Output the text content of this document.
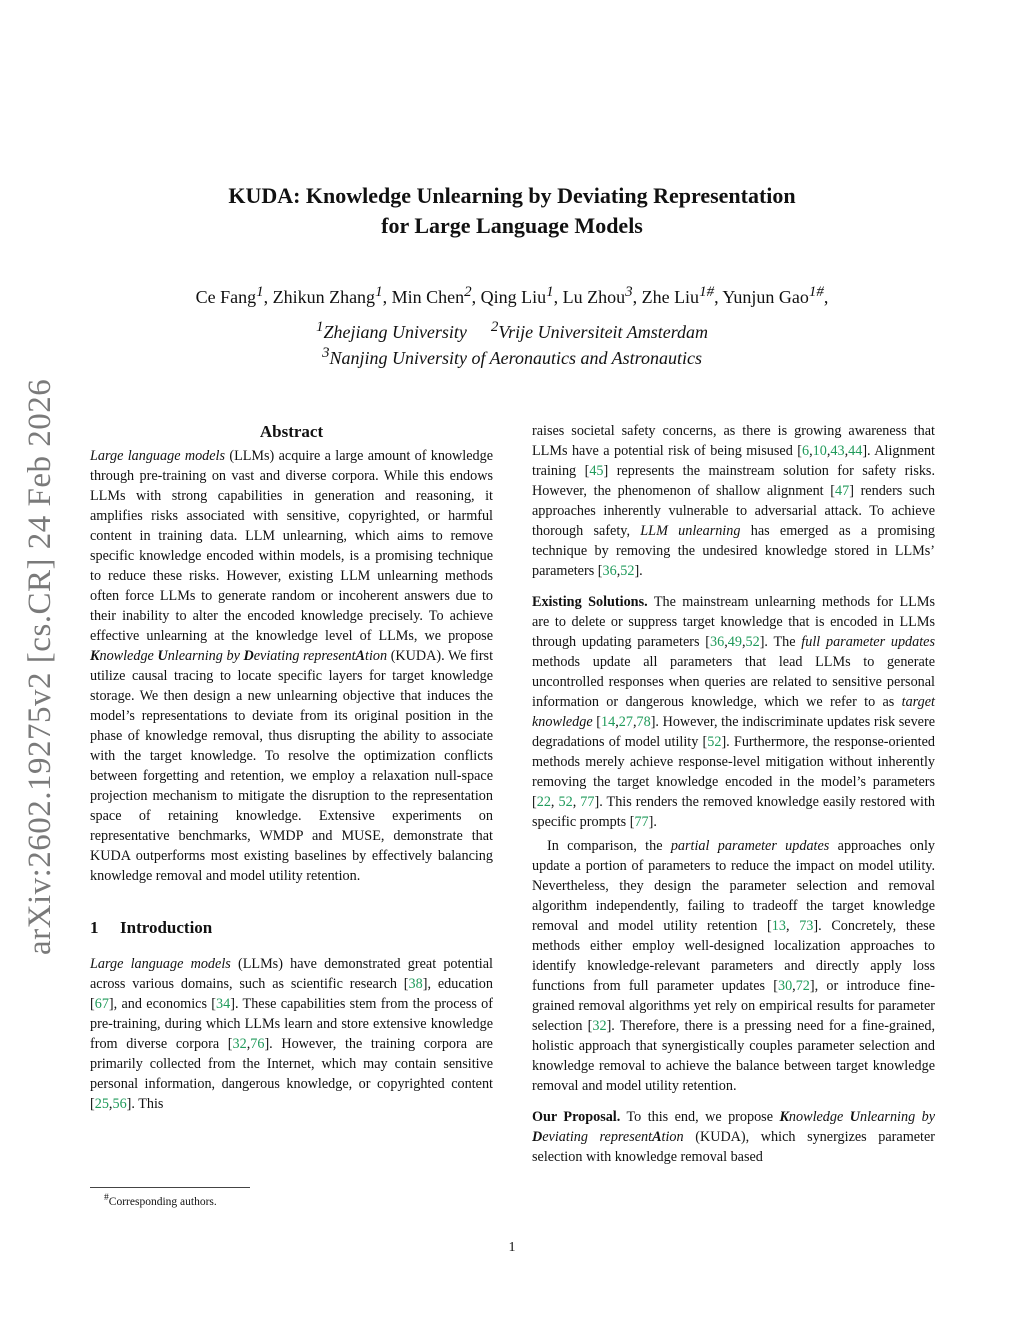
arXiv:2602.19275v2 [cs.CR] 24 Feb 2026
KUDA: Knowledge Unlearning by Deviating Representation
for Large Language Models
Ce Fang$^1$, Zhikun Zhang$^1$, Min Chen$^2$, Qing Liu$^1$, Lu Zhou$^3$, Zhe Liu$^{1\#}$, Yunjun Gao$^{1\#}$,
$^1$Zhejiang University $^2$Vrije Universiteit Amsterdam
$^3$Nanjing University of Aeronautics and Astronautics
Abstract

Large language models (LLMs) acquire a large amount of knowledge through pre-training on vast and diverse corpora. While this endows LLMs with strong capabilities in generation and reasoning, it amplifies risks associated with sensitive, copyrighted, or harmful content in training data. LLM unlearning, which aims to remove specific knowledge encoded within models, is a promising technique to reduce these risks. However, existing LLM unlearning methods often force LLMs to generate random or incoherent answers due to their inability to alter the encoded knowledge precisely. To achieve effective unlearning at the knowledge level of LLMs, we propose Knowledge Unlearning by Deviating representAtion (KUDA). We first utilize causal tracing to locate specific layers for target knowledge storage. We then design a new unlearning objective that induces the model’s representations to deviate from its original position in the phase of knowledge removal, thus disrupting the ability to associate with the target knowledge. To resolve the optimization conflicts between forgetting and retention, we employ a relaxation null-space projection mechanism to mitigate the disruption to the representation space of retaining knowledge. Extensive experiments on representative benchmarks, WMDP and MUSE, demonstrate that KUDA outperforms most existing baselines by effectively balancing knowledge removal and model utility retention.

1 Introduction

Large language models (LLMs) have demonstrated great potential across various domains, such as scientific research [38], education [67], and economics [34]. These capabilities stem from the process of pre-training, during which LLMs learn and store extensive knowledge from diverse corpora [32,76]. However, the training corpora are primarily collected from the Internet, which may contain sensitive personal information, dangerous knowledge, or copyrighted content [25,56]. This

#Corresponding authors.

raises societal safety concerns, as there is growing awareness that LLMs have a potential risk of being misused [6,10,43,44]. Alignment training [45] represents the mainstream solution for safety risks. However, the phenomenon of shallow alignment [47] renders such approaches inherently vulnerable to adversarial attack. To achieve thorough safety, LLM unlearning has emerged as a promising technique by removing the undesired knowledge stored in LLMs’ parameters [36,52].

Existing Solutions. The mainstream unlearning methods for LLMs are to delete or suppress target knowledge that is encoded in LLMs through updating parameters [36,49,52]. The full parameter updates methods update all parameters that lead LLMs to generate uncontrolled responses when queries are related to sensitive personal information or dangerous knowledge, which we refer to as target knowledge [14,27,78]. However, the indiscriminate updates risk severe degradations of model utility [52]. Furthermore, the response-oriented methods merely achieve response-level mitigation without inherently removing the target knowledge encoded in the model’s parameters [22, 52, 77]. This renders the removed knowledge easily restored with specific prompts [77].

In comparison, the partial parameter updates approaches only update a portion of parameters to reduce the impact on model utility. Nevertheless, they design the parameter selection and removal algorithm independently, failing to tradeoff the target knowledge removal and model utility retention [13, 73]. Concretely, these methods either employ well-designed localization approaches to identify knowledge-relevant parameters and directly apply loss functions from full parameter updates [30,72], or introduce fine-grained removal algorithms yet rely on empirical results for parameter selection [32]. Therefore, there is a pressing need for a fine-grained, holistic approach that synergistically couples parameter selection and knowledge removal to achieve the balance between target knowledge removal and model utility retention.

Our Proposal. To this end, we propose Knowledge Unlearning by Deviating representAtion (KUDA), which synergizes parameter selection with knowledge removal based

1
